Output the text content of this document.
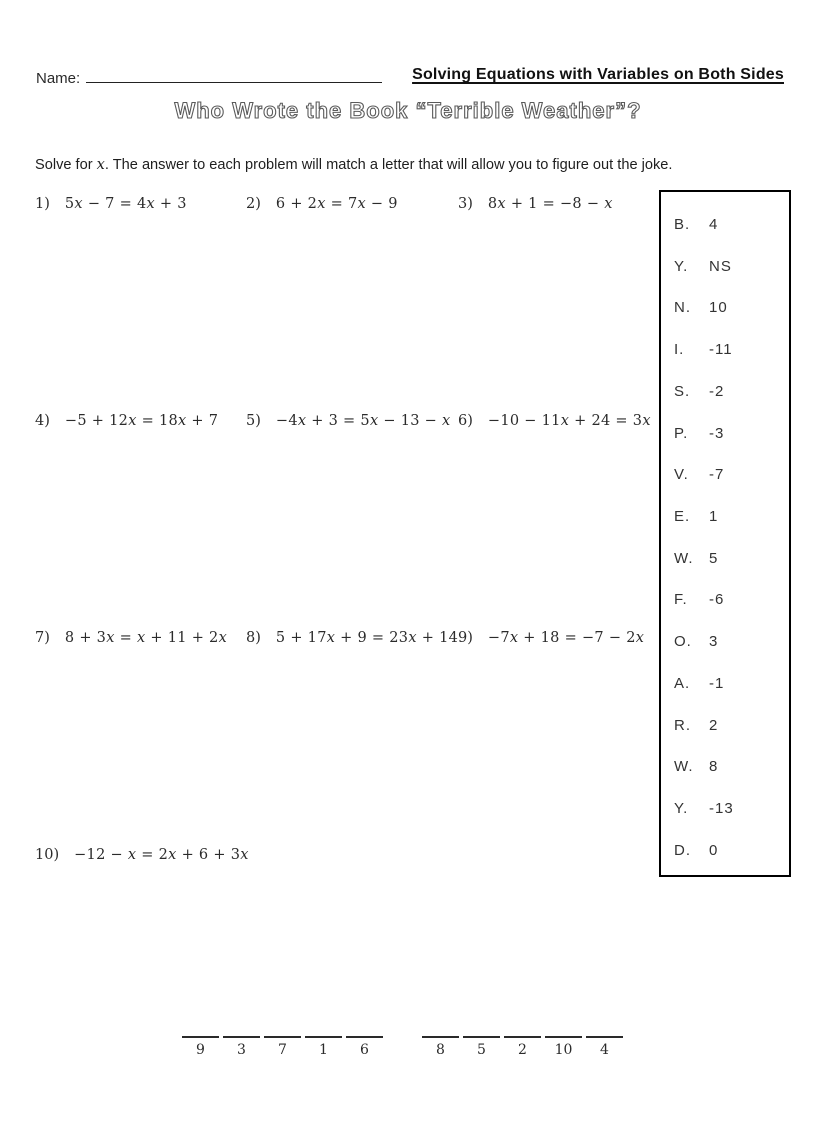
Name:	Solving Equations with Variables on Both Sides
Who Wrote the Book “Terrible Weather”?
Solve for x. The answer to each problem will match a letter that will allow you to figure out the joke.
1) 5x − 7 = 4x + 3	2) 6 + 2x = 7x − 9	3) 8x + 1 = −8 − x
4) −5 + 12x = 18x + 7 5) −4x + 3 = 5x − 13 − x 6) −10 − 11x + 24 = 3x
7) 8 + 3x = x + 11 + 2x 8) 5 + 17x + 9 = 23x + 14 9) −7x + 18 = −7 − 2x
10) −12 − x = 2x + 6 + 3x
B.	4
Y.	NS
N.	10
I.	-11
S.	-2
P.	-3
V.	-7
E.	1
W.	5
F.	-6
O.	3
A.	-1
R.	2
W.	8
Y.	-13
D.	0
9	3	7	1	6	8	5	2	10	4
